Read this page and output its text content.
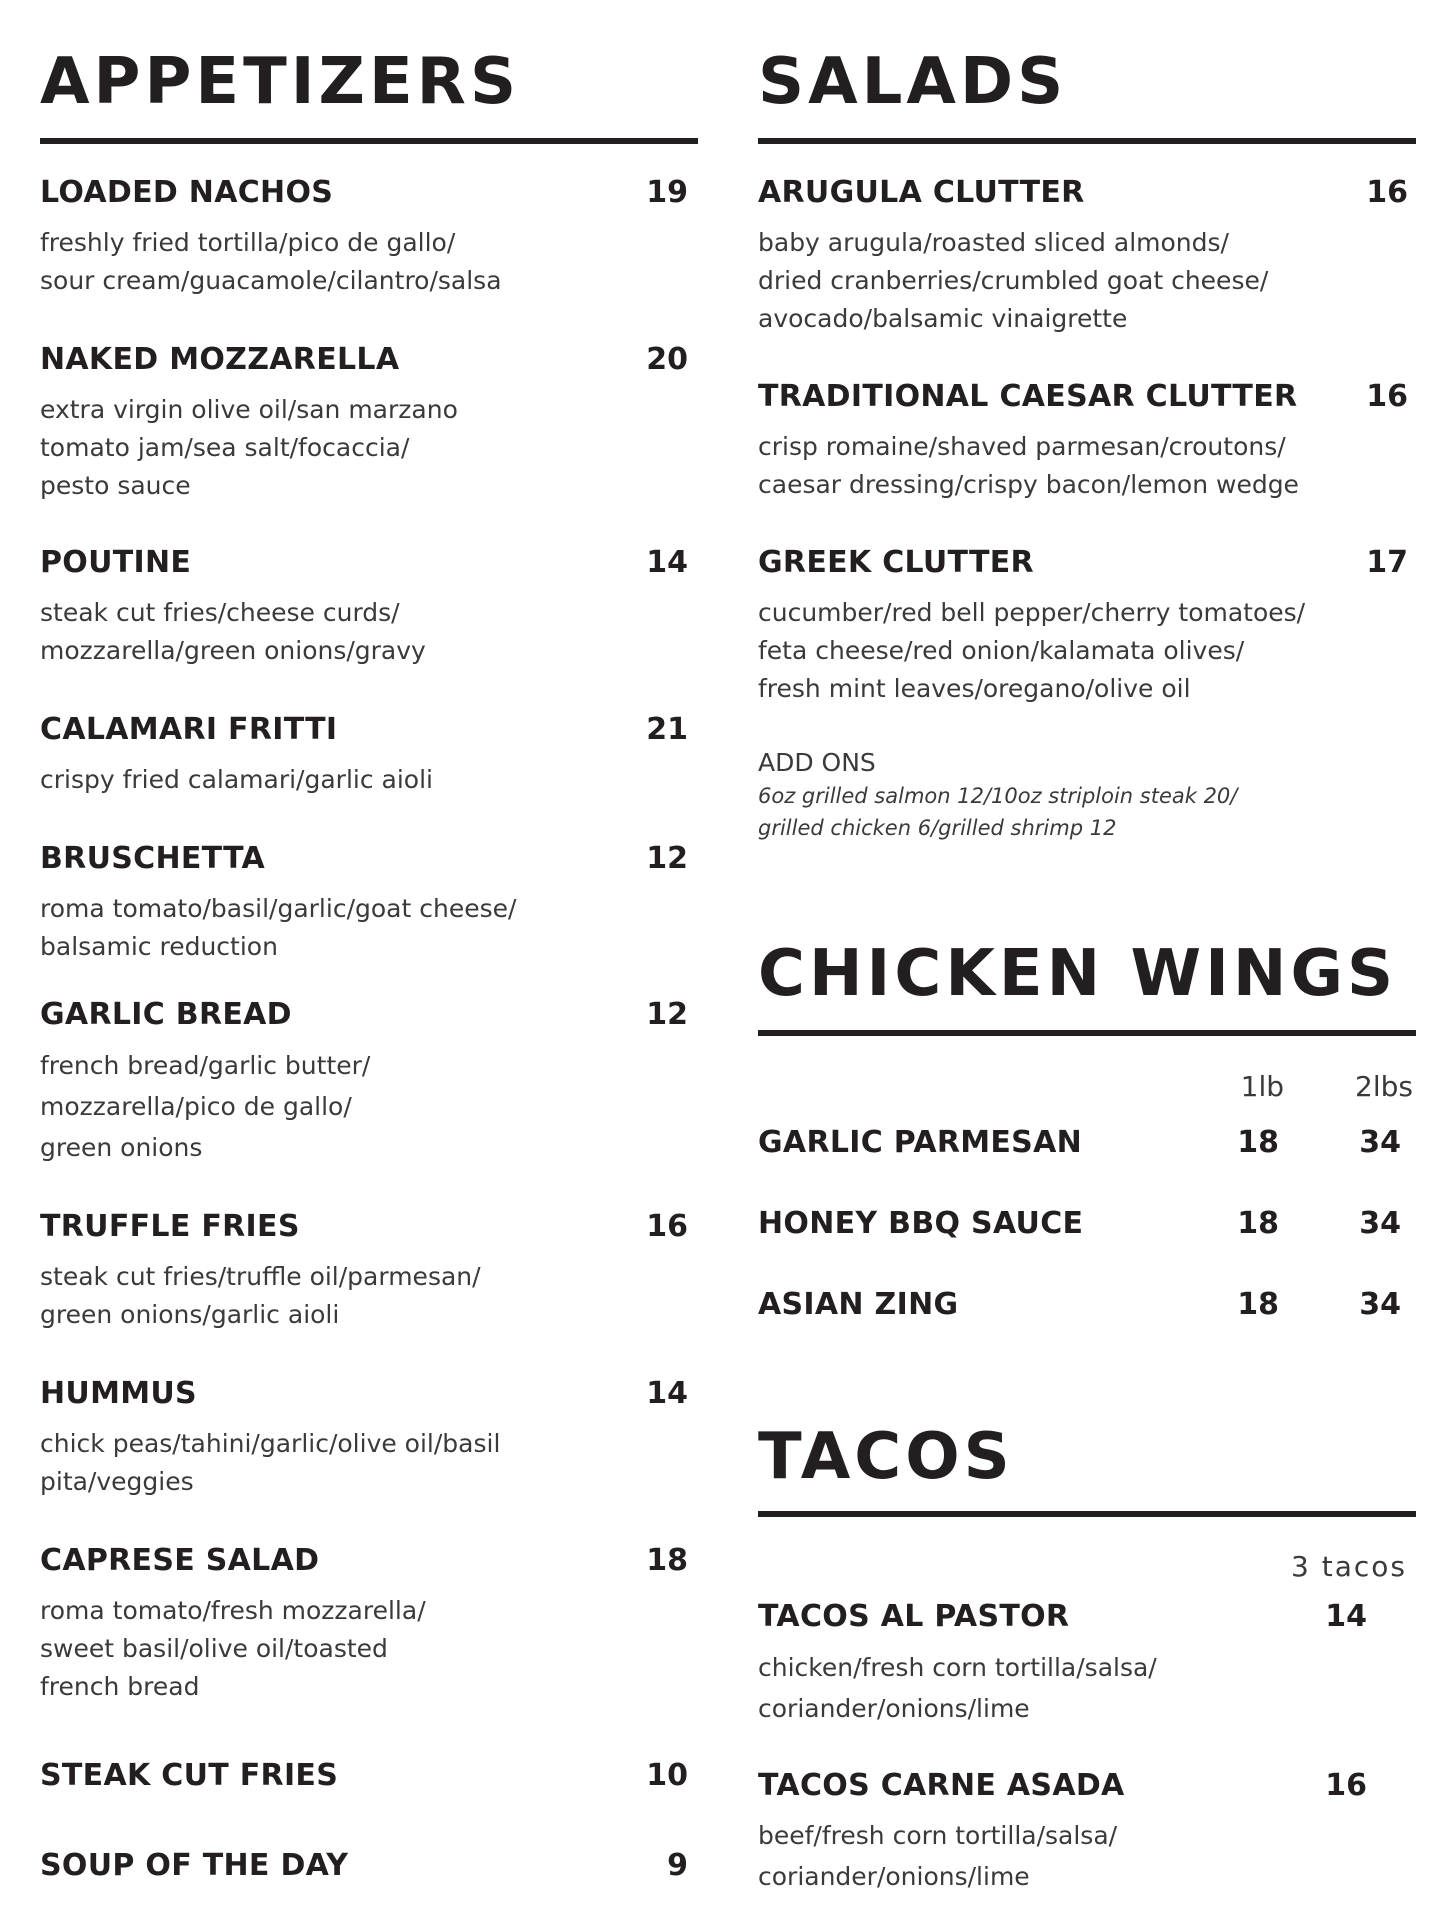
APPETIZERS
LOADED NACHOS	19
freshly fried tortilla/pico de gallo/
sour cream/guacamole/cilantro/salsa
NAKED MOZZARELLA	20
extra virgin olive oil/san marzano
tomato jam/sea salt/focaccia/
pesto sauce
POUTINE	14
steak cut fries/cheese curds/
mozzarella/green onions/gravy
CALAMARI FRITTI	21
crispy fried calamari/garlic aioli
BRUSCHETTA	12
roma tomato/basil/garlic/goat cheese/
balsamic reduction
GARLIC BREAD	12
french bread/garlic butter/
mozzarella/pico de gallo/
green onions
TRUFFLE FRIES	16
steak cut fries/truffle oil/parmesan/
green onions/garlic aioli
HUMMUS	14
chick peas/tahini/garlic/olive oil/basil
pita/veggies
CAPRESE SALAD	18
roma tomato/fresh mozzarella/
sweet basil/olive oil/toasted
french bread
STEAK CUT FRIES	10
SOUP OF THE DAY	9
SALADS
ARUGULA CLUTTER	16
baby arugula/roasted sliced almonds/
dried cranberries/crumbled goat cheese/
avocado/balsamic vinaigrette
TRADITIONAL CAESAR CLUTTER 16
crisp romaine/shaved parmesan/croutons/
caesar dressing/crispy bacon/lemon wedge
GREEK CLUTTER	17
cucumber/red bell pepper/cherry tomatoes/
feta cheese/red onion/kalamata olives/
fresh mint leaves/oregano/olive oil
ADD ONS
6oz grilled salmon 12/10oz striploin steak 20/
grilled chicken 6/grilled shrimp 12
CHICKEN WINGS
1lb	2lbs
GARLIC PARMESAN	18	34
HONEY BBQ SAUCE	18	34
ASIAN ZING	18	34
TACOS
3 tacos
TACOS AL PASTOR	14
chicken/fresh corn tortilla/salsa/
coriander/onions/lime
TACOS CARNE ASADA	16
beef/fresh corn tortilla/salsa/
coriander/onions/lime
